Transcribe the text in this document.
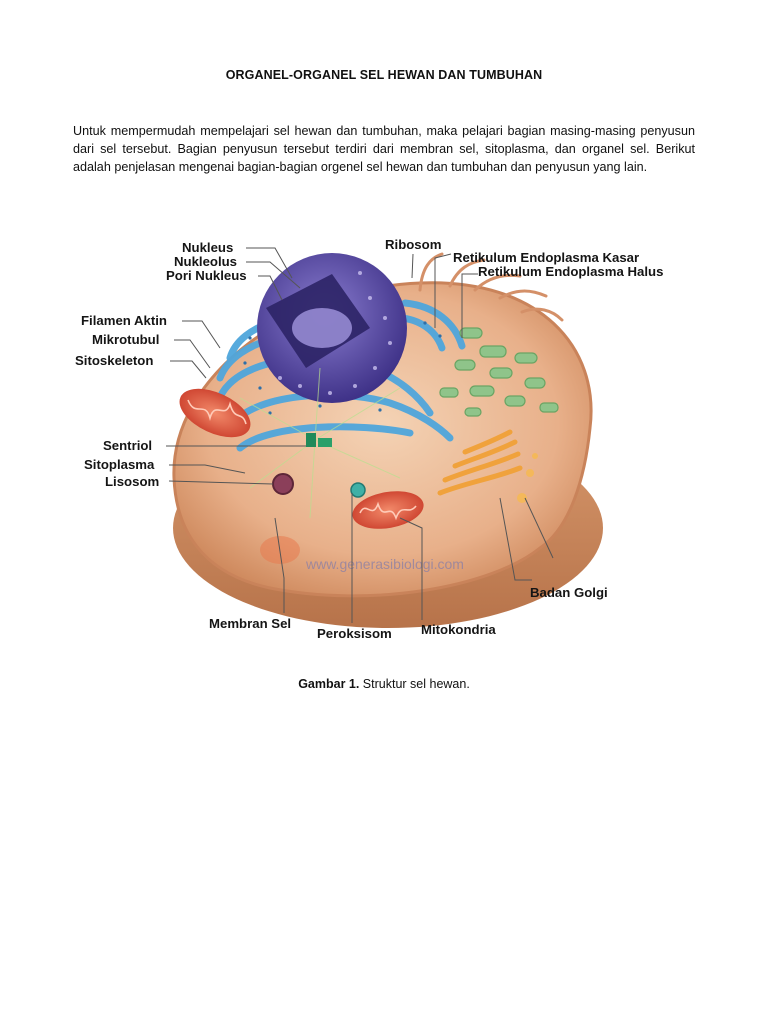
ORGANEL-ORGANEL SEL HEWAN DAN TUMBUHAN

Untuk mempermudah mempelajari sel hewan dan tumbuhan, maka pelajari bagian masing-masing penyusun dari sel tersebut. Bagian penyusun tersebut terdiri dari membran sel, sitoplasma, dan organel sel. Berikut adalah penjelasan mengenai bagian-bagian orgenel sel hewan dan tumbuhan dan penyusun yang lain.

www.generasibiologi.com
Nukleus
Nukleolus
Pori Nukleus
Filamen Aktin
Mikrotubul
Sitoskeleton
Sentriol
Sitoplasma
Lisosom
Membran Sel
Peroksisom Mitokondria
Badan Golgi
Ribosom
Retikulum Endoplasma Kasar
Retikulum Endoplasma Halus
Gambar 1. Struktur sel hewan.
